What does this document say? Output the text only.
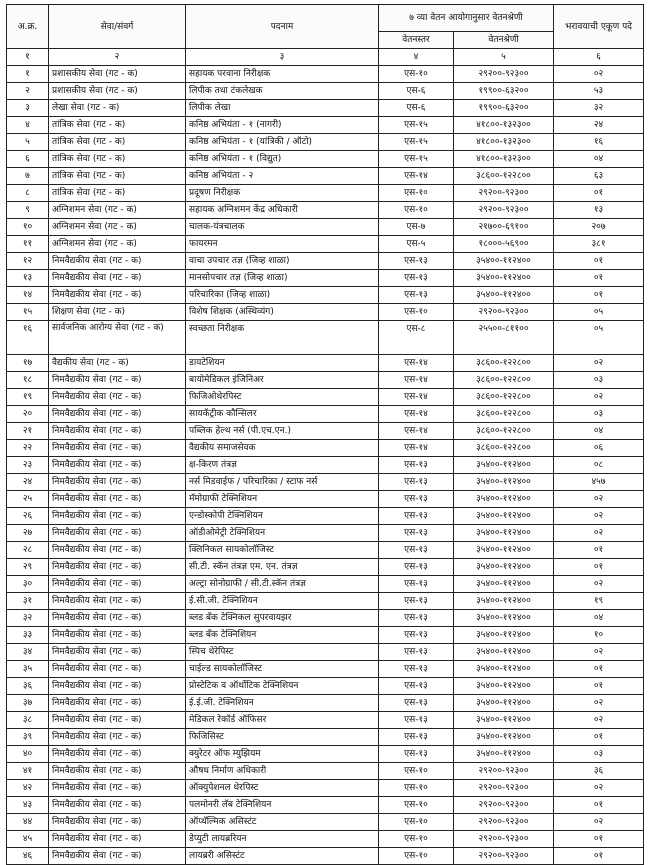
अ.क्र.	सेवा/संवर्ग	पदनाम	७ व्या वेतन आयोगानुसार वेतनश्रेणी		भरावयाची एकूण पदे
			वेतनस्तर	वेतनश्रेणी	
१	२	३	४	५	६
१	प्रशासकीय सेवा (गट - क)	सहायक परवाना निरीक्षक	एस-१०	२९२००-९२३००	०२
२	प्रशासकीय सेवा (गट - क)	लिपीक तथा टंकलेखक	एस-६	१९९००-६३२००	५३
३	लेखा सेवा (गट - क)	लिपीक लेखा	एस-६	१९९००-६३२००	३२
४	तांत्रिक सेवा (गट - क)	कनिष्ठ अभियंता - १ (नागरी)	एस-१५	४१८००-१३२३००	२४
५	तांत्रिक सेवा (गट - क)	कनिष्ठ अभियंता - १ (यांत्रिकी / ऑटो)	एस-१५	४१८००-१३२३००	१६
६	तांत्रिक सेवा (गट - क)	कनिष्ठ अभियंता - १ (विद्युत)	एस-१५	४१८००-१३२३००	०४
७	तांत्रिक सेवा (गट - क)	कनिष्ठ अभियंता - २	एस-१४	३८६००-१२२८००	६३
८	तांत्रिक सेवा (गट - क)	प्रदूषण निरीक्षक	एस-१०	२९२००-९२३००	०१
९	अग्निशमन सेवा (गट - क)	सहायक अग्निशमन केंद्र अधिकारी	एस-१०	२९२००-९२३००	१३
१०	अग्निशमन सेवा (गट - क)	चालक-यंत्रचालक	एस-७	२१७००-६९१००	२०७
११	अग्निशमन सेवा (गट - क)	फायरमन	एस-५	१८०००-५६९००	३८१
१२	निमवैद्यकीय सेवा (गट - क)	वाचा उपचार तज्ञ (जिव्ह शाळा)	एस-१३	३५४००-११२४००	०१
१३	निमवैद्यकीय सेवा (गट - क)	मानसोपचार तज्ञ (जिव्ह शाळा)	एस-१३	३५४००-११२४००	०१
१४	निमवैद्यकीय सेवा (गट - क)	परिचारिका (जिव्ह शाळा)	एस-१३	३५४००-११२४००	०१
१५	शिक्षण सेवा (गट - क)	विशेष शिक्षक (अस्थिव्यंग)	एस-१०	२९२००-९२३००	०५
१६	सार्वजनिक आरोग्य सेवा (गट - क)	स्वच्छता निरीक्षक	एस-८	२५५००-८११००	०५
१७	वैद्यकीय सेवा (गट - क)	डायटेशियन	एस-१४	३८६००-१२२८००	०२
१८	निमवैद्यकीय सेवा (गट - क)	बायोमेडिकल इंजिनिअर	एस-१४	३८६००-१२२८००	०३
१९	निमवैद्यकीय सेवा (गट - क)	फिजिओथेरपिस्ट	एस-१४	३८६००-१२२८००	०२
२०	निमवैद्यकीय सेवा (गट - क)	सायकॅट्रीक कौन्सिलर	एस-१४	३८६००-१२२८००	०३
२१	निमवैद्यकीय सेवा (गट - क)	पब्लिक हेल्थ नर्स (पी.एच.एन.)	एस-१४	३८६००-१२२८००	०४
२२	निमवैद्यकीय सेवा (गट - क)	वैद्यकीय समाजसेवक	एस-१४	३८६००-१२२८००	०६
२३	निमवैद्यकीय सेवा (गट - क)	क्ष-किरण तंत्रज्ञ	एस-१३	३५४००-११२४००	०८
२४	निमवैद्यकीय सेवा (गट - क)	नर्स मिडवाईफ / परिचारिका / स्टाफ नर्स	एस-१३	३५४००-११२४००	४५७
२५	निमवैद्यकीय सेवा (गट - क)	मॅमोग्राफी टेक्निशियन	एस-१३	३५४००-११२४००	०२
२६	निमवैद्यकीय सेवा (गट - क)	एन्डोस्कोपी टेक्निशियन	एस-१३	३५४००-११२४००	०२
२७	निमवैद्यकीय सेवा (गट - क)	ऑडीओमेट्री टेक्निशियन	एस-१३	३५४००-११२४००	०२
२८	निमवैद्यकीय सेवा (गट - क)	क्लिनिकल सायकोलॉजिस्ट	एस-१३	३५४००-११२४००	०१
२९	निमवैद्यकीय सेवा (गट - क)	सी.टी. स्कॅन तंत्रज्ञ एम. एन. तंत्रज्ञ	एस-१३	३५४००-११२४००	०१
३०	निमवैद्यकीय सेवा (गट - क)	अल्ट्रा सोनोग्राफी / सी.टी.स्कॅन तंत्रज्ञ	एस-१३	३५४००-११२४००	०२
३१	निमवैद्यकीय सेवा (गट - क)	ई.सी.जी. टेक्निशियन	एस-१३	३५४००-११२४००	१९
३२	निमवैद्यकीय सेवा (गट - क)	ब्लड बँक टेक्निकल सुपरवायझर	एस-१३	३५४००-११२४००	०४
३३	निमवैद्यकीय सेवा (गट - क)	ब्लड बँक टेक्निशियन	एस-१३	३५४००-११२४००	१०
३४	निमवैद्यकीय सेवा (गट - क)	स्पिच थेरेपिस्ट	एस-१३	३५४००-११२४००	०२
३५	निमवैद्यकीय सेवा (गट - क)	चाईल्ड सायकोलॉजिस्ट	एस-१३	३५४००-११२४००	०१
३६	निमवैद्यकीय सेवा (गट - क)	प्रोस्टेटिक व ऑर्थोटिक टेक्निशियन	एस-१३	३५४००-११२४००	०१
३७	निमवैद्यकीय सेवा (गट - क)	ई.ई.जी. टेक्निशियन	एस-१३	३५४००-११२४००	०२
३८	निमवैद्यकीय सेवा (गट - क)	मेडिकल रेकॉर्ड ऑफिसर	एस-१३	३५४००-११२४००	०२
३९	निमवैद्यकीय सेवा (गट - क)	फिजिसिस्ट	एस-१३	३५४००-११२४००	०१
४०	निमवैद्यकीय सेवा (गट - क)	क्युरेटर ऑफ म्युझियम	एस-१३	३५४००-११२४००	०३
४१	निमवैद्यकीय सेवा (गट - क)	औषध निर्माण अधिकारी	एस-१०	२९२००-९२३००	३६
४२	निमवैद्यकीय सेवा (गट - क)	ऑक्युपेशनल थेरपिस्ट	एस-१०	२९२००-९२३००	०२
४३	निमवैद्यकीय सेवा (गट - क)	पलमोनरी लॅब टेक्निशियन	एस-१०	२९२००-९२३००	०१
४४	निमवैद्यकीय सेवा (गट - क)	ऑप्थॅल्मिक असिस्टंट	एस-१०	२९२००-९२३००	०२
४५	निमवैद्यकीय सेवा (गट - क)	डेप्युटी लायब्ररियन	एस-१०	२९२००-९२३००	०१
४६	निमवैद्यकीय सेवा (गट - क)	लायब्ररी असिस्टंट	एस-१०	२९२००-९२३००	०१
